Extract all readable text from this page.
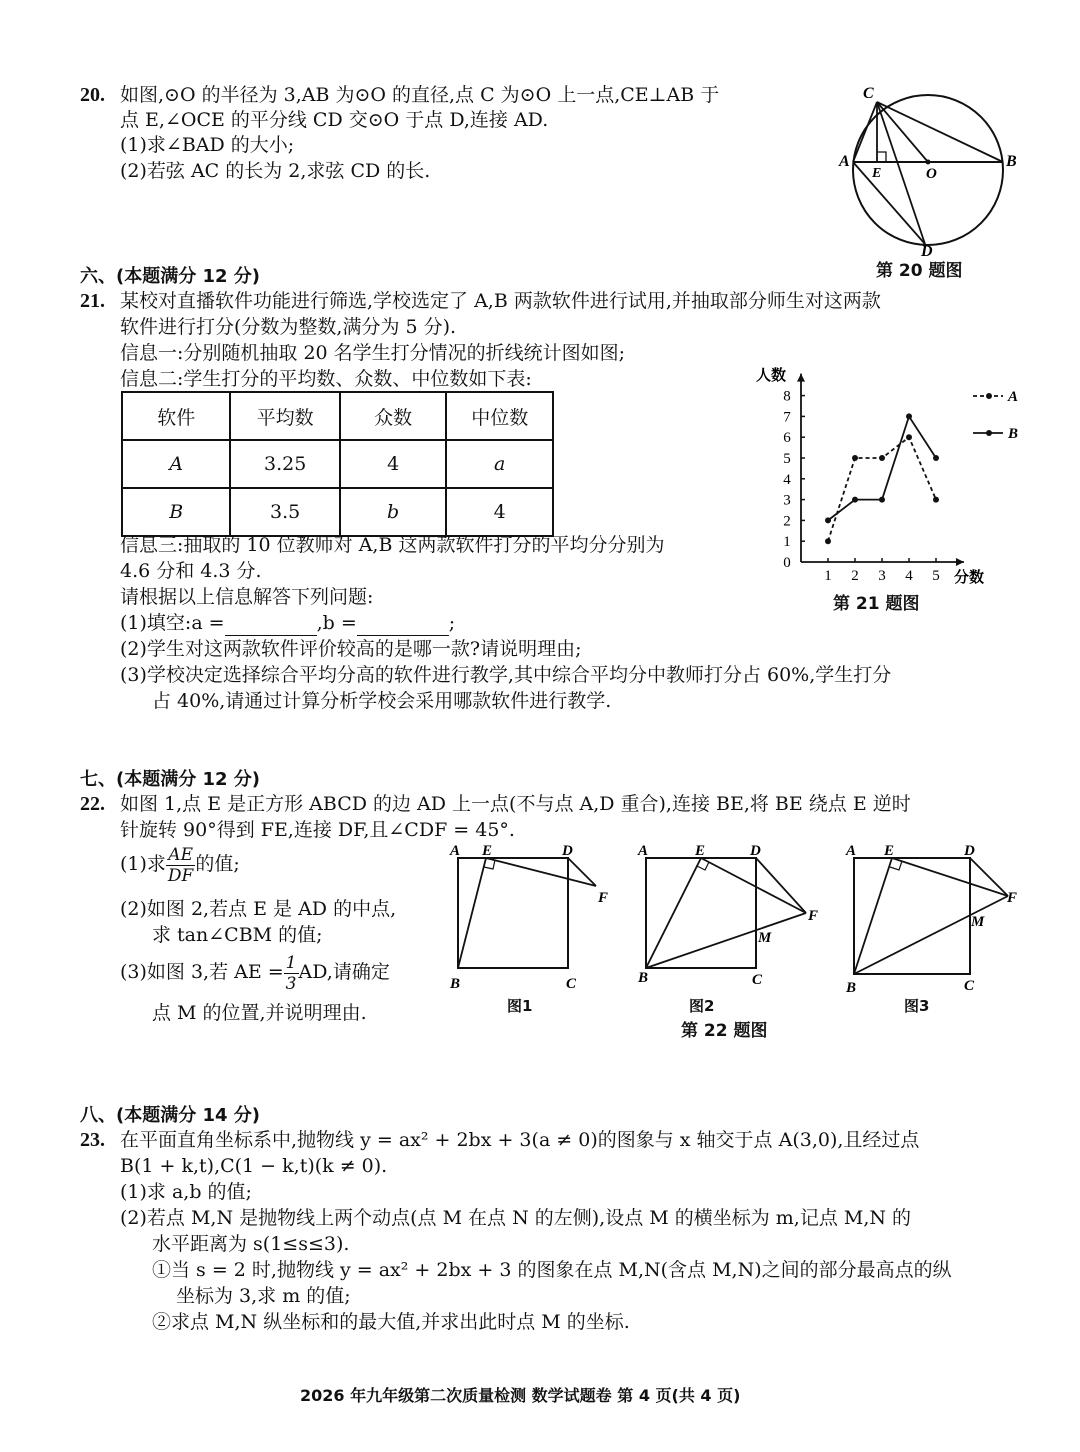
20. 如图,⊙O 的半径为 3,AB 为⊙O 的直径,点 C 为⊙O 上一点,CE⊥AB 于
点 E,∠OCE 的平分线 CD 交⊙O 于点 D,连接 AD.
(1)求∠BAD 的大小;
(2)若弦 AC 的长为 2,求弦 CD 的长.
C
A	B
E	O
D
第 20 题图
六、(本题满分 12 分)
21. 某校对直播软件功能进行筛选,学校选定了 A,B 两款软件进行试用,并抽取部分师生对这两款
软件进行打分(分数为整数,满分为 5 分).
信息一:分别随机抽取 20 名学生打分情况的折线统计图如图;
信息二:学生打分的平均数、众数、中位数如下表:
软件	平均数	众数	中位数
A	3.25	4	a
B	3.5	b	4
信息三:抽取的 10 位教师对 A,B 这两款软件打分的平均分分别为
4.6 分和 4.3 分.
请根据以上信息解答下列问题:
(1)填空:a =	,b =	;
(2)学生对这两款软件评价较高的是哪一款?请说明理由;
(3)学校决定选择综合平均分高的软件进行教学,其中综合平均分中教师打分占 60%,学生打分
占 40%,请通过计算分析学校会采用哪款软件进行教学.
人数
分数
0
1
2
3
4
5
6
7
8
1 2 3 4 5
A
B
第 21 题图
七、(本题满分 12 分)
22. 如图 1,点 E 是正方形 ABCD 的边 AD 上一点(不与点 A,D 重合),连接 BE,将 BE 绕点 E 逆时
针旋转 90°得到 FE,连接 DF,且∠CDF = 45°.
(1)求 $\frac{AE}{DF}$ 的值;
(2)如图 2,若点 E 是 AD 的中点,
求 tan∠CBM 的值;
(3)如图 3,若 AE = $\frac{1}{3}$ AD,请确定
点 M 的位置,并说明理由.
A E	D
F
B	C
图1
A	E	D
F
M
B	C
图2
第 22 题图
A E	D
F
M
B	C
图3
八、(本题满分 14 分)
23. 在平面直角坐标系中,抛物线 y = ax² + 2bx + 3(a ≠ 0)的图象与 x 轴交于点 A(3,0),且经过点
B(1 + k,t),C(1 − k,t)(k ≠ 0).
(1)求 a,b 的值;
(2)若点 M,N 是抛物线上两个动点(点 M 在点 N 的左侧),设点 M 的横坐标为 m,记点 M,N 的
水平距离为 s(1≤s≤3).
①当 s = 2 时,抛物线 y = ax² + 2bx + 3 的图象在点 M,N(含点 M,N)之间的部分最高点的纵
坐标为 3,求 m 的值;
②求点 M,N 纵坐标和的最大值,并求出此时点 M 的坐标.
2026 年九年级第二次质量检测 数学试题卷 第 4 页(共 4 页)
